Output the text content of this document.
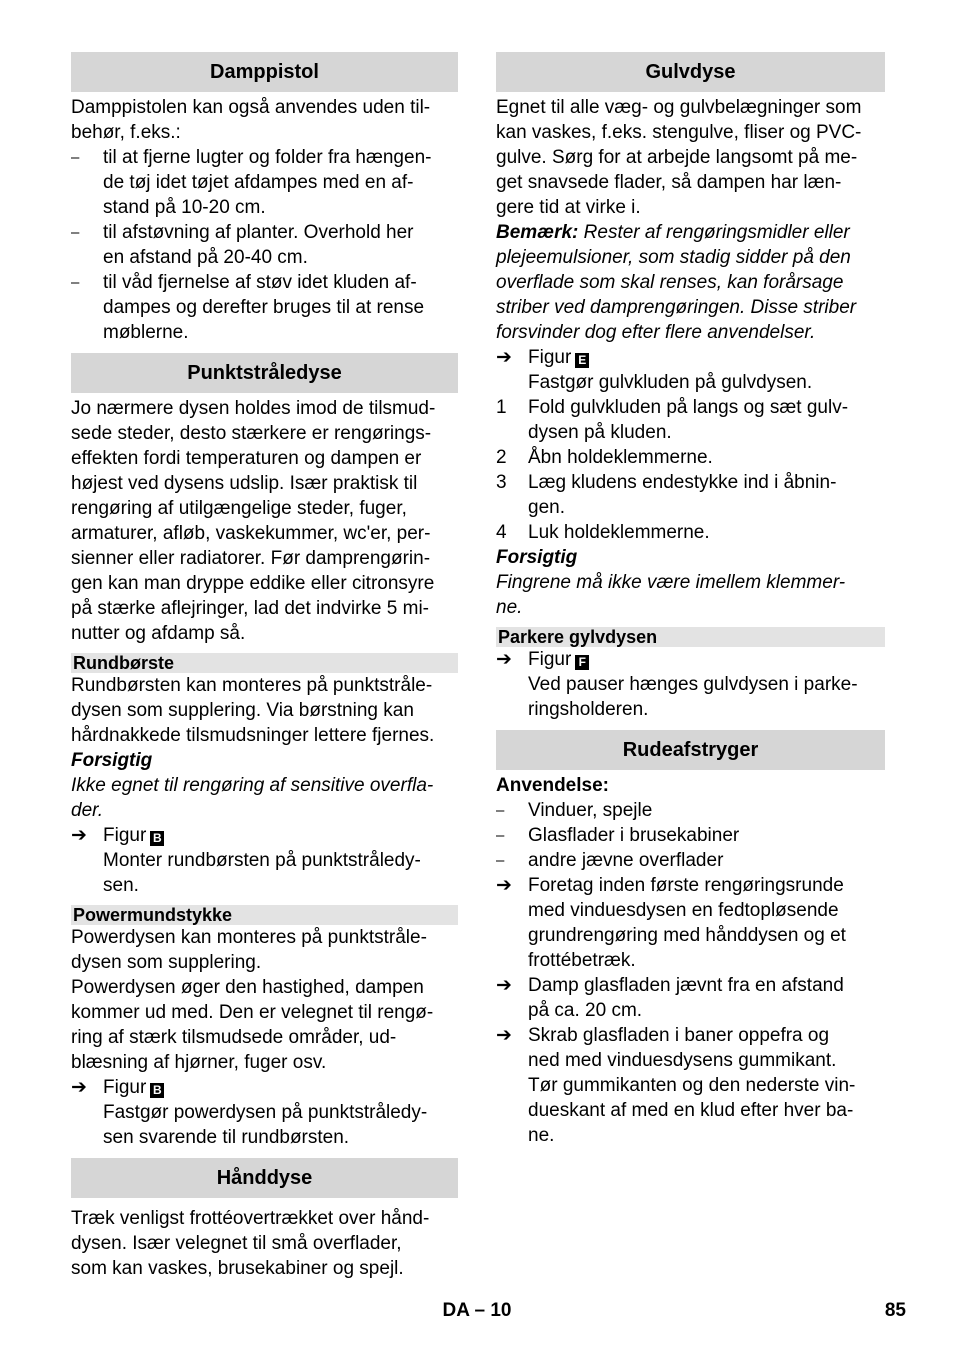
Damppistol

Damppistolen kan også anvendes uden til-

behør, f.eks.:

–	til at fjerne lugter og folder fra hængen-

de tøj idet tøjet afdampes med en af-

stand på 10-20 cm.

–	til afstøvning af planter. Overhold her

en afstand på 20-40 cm.

–	til våd fjernelse af støv idet kluden af-

dampes og derefter bruges til at rense

møblerne.

Punktstråledyse

Jo nærmere dysen holdes imod de tilsmud-

sede steder, desto stærkere er rengørings-

effekten fordi temperaturen og dampen er

højest ved dysens udslip. Især praktisk til

rengøring af utilgængelige steder, fuger,

armaturer, afløb, vaskekummer, wc'er, per-

sienner eller radiatorer. Før damprengørin-

gen kan man dryppe eddike eller citronsyre

på stærke aflejringer, lad det indvirke 5 mi-

nutter og afdamp så.

Rundbørste

Rundbørsten kan monteres på punktstråle-

dysen som supplering. Via børstning kan

hårdnakkede tilsmudsninger lettere fjernes.

Forsigtig

Ikke egnet til rengøring af sensitive overfla-

der.

➔ Figur B

Monter rundbørsten på punktstråledy-

sen.

Powermundstykke

Powerdysen kan monteres på punktstråle-

dysen som supplering.

Powerdysen øger den hastighed, dampen

kommer ud med. Den er velegnet til rengø-

ring af stærk tilsmudsede områder, ud-

blæsning af hjørner, fuger osv.

➔ Figur B

Fastgør powerdysen på punktstråledy-

sen svarende til rundbørsten.

Hånddyse

Træk venligst frottéovertrækket over hånd-

dysen. Især velegnet til små overflader,

som kan vaskes, brusekabiner og spejl.

Gulvdyse

Egnet til alle væg- og gulvbelægninger som

kan vaskes, f.eks. stengulve, fliser og PVC-

gulve. Sørg for at arbejde langsomt på me-

get snavsede flader, så dampen har læn-

gere tid at virke i.

Bemærk: Rester af rengøringsmidler eller

plejeemulsioner, som stadig sidder på den

overflade som skal renses, kan forårsage

striber ved damprengøringen. Disse striber

forsvinder dog efter flere anvendelser.

➔ Figur E

Fastgør gulvkluden på gulvdysen.

1	Fold gulvkluden på langs og sæt gulv-

dysen på kluden.

2	Åbn holdeklemmerne.

3	Læg kludens endestykke ind i åbnin-

gen.

4	Luk holdeklemmerne.

Forsigtig

Fingrene må ikke være imellem klemmer-

ne.

Parkere gylvdysen
➔ Figur F

Ved pauser hænges gulvdysen i parke-

ringsholderen.

Rudeafstryger

Anvendelse:

–	Vinduer, spejle

–	Glasflader i brusekabiner

–	andre jævne overflader

➔ Foretag inden første rengøringsrunde

med vinduesdysen en fedtopløsende

grundrengøring med hånddysen og et

frottébetræk.

➔ Damp glasfladen jævnt fra en afstand

på ca. 20 cm.

➔ Skrab glasfladen i baner oppefra og

ned med vinduesdysens gummikant.

Tør gummikanten og den nederste vin-

dueskant af med en klud efter hver ba-

ne.

DA – 10	85
